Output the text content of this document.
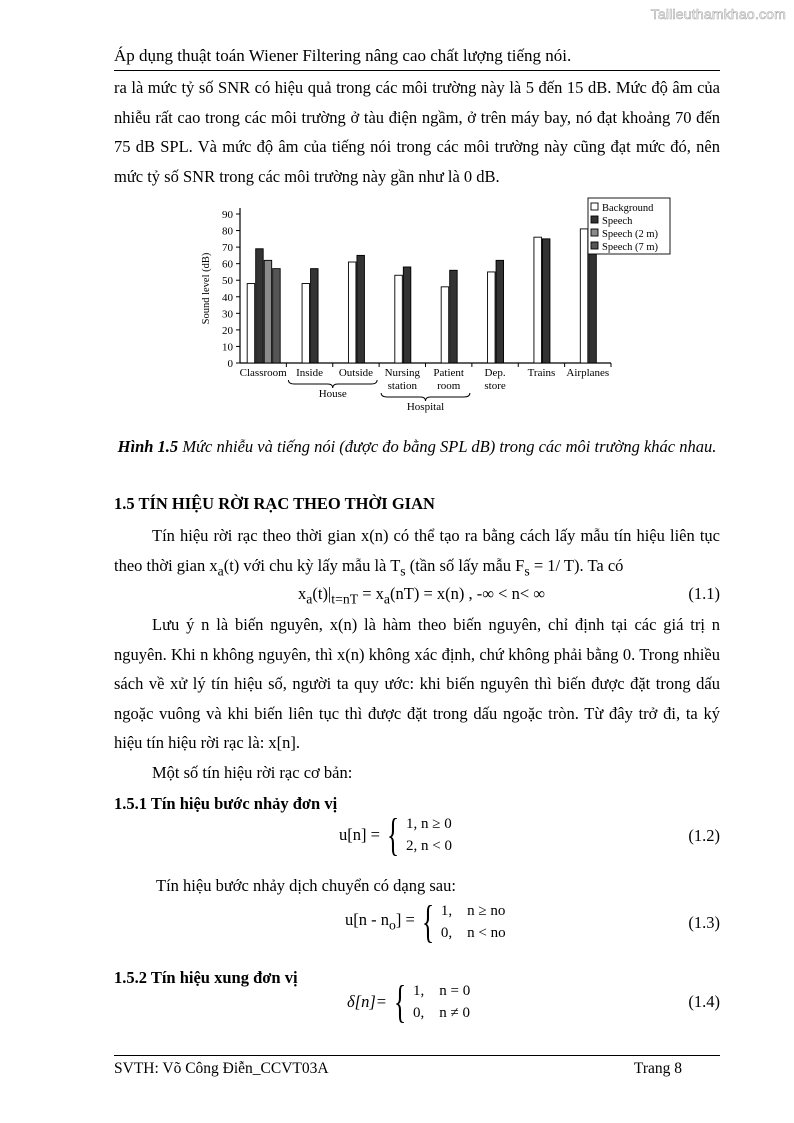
Tailieuthamkhao.com
Áp dụng thuật toán Wiener Filtering nâng cao chất lượng tiếng nói.
ra là mức tỷ số SNR có hiệu quả trong các môi trường này là 5 đến 15 dB. Mức độ âm của nhiễu rất cao trong các môi trường ở tàu điện ngầm, ở trên máy bay, nó đạt khoảng 70 đến 75 dB SPL. Và mức độ âm của tiếng nói trong các môi trường này cũng đạt mức đó, nên mức tỷ số SNR trong các môi trường này gần như là 0 dB.
0
10
20
30
40
50
60
70
80
90
Sound level (dB)
Classroom Inside Outside Nursing
station
Patient
room
Dep.
store
Trains Airplanes
House
Hospital
Background
Speech
Speech (2 m)
Speech (7 m)
Hình 1.5 Mức nhiễu và tiếng nói (được đo bằng SPL dB) trong các môi trường khác nhau.
1.5 TÍN HIỆU RỜI RẠC THEO THỜI GIAN
Tín hiệu rời rạc theo thời gian x(n) có thể tạo ra bằng cách lấy mẫu tín hiệu liên tục theo thời gian $x_a(t)$ với chu kỳ lấy mẫu là $T_s$ (tần số lấy mẫu $F_s = 1/$ T). Ta có
$x_a(t)|_{t=nT} = x_a(nT) = x(n)$ , -∞ < n< ∞	(1.1)
Lưu ý n là biến nguyên, x(n) là hàm theo biến nguyên, chỉ định tại các giá trị n nguyên. Khi n không nguyên, thì x(n) không xác định, chứ không phải bằng 0. Trong nhiều sách về xử lý tín hiệu số, người ta quy ước: khi biến nguyên thì biến được đặt trong dấu ngoặc vuông và khi biến liên tục thì được đặt trong dấu ngoặc tròn. Từ đây trở đi, ta ký hiệu tín hiệu rời rạc là: x[n].
Một số tín hiệu rời rạc cơ bản:
1.5.1 Tín hiệu bước nhảy đơn vị
u[n] = { 1, n ≥ 0
2, n < 0
(1.2)
Tín hiệu bước nhảy dịch chuyển có dạng sau:
$u[n - n_o]$ = { 1,    n ≥ no
0,    n < no
(1.3)
1.5.2 Tín hiệu xung đơn vị
δ[n]= { 1,    n = 0
0,    n ≠ 0
(1.4)
SVTH: Võ Công Điễn_CCVT03A	Trang 8
